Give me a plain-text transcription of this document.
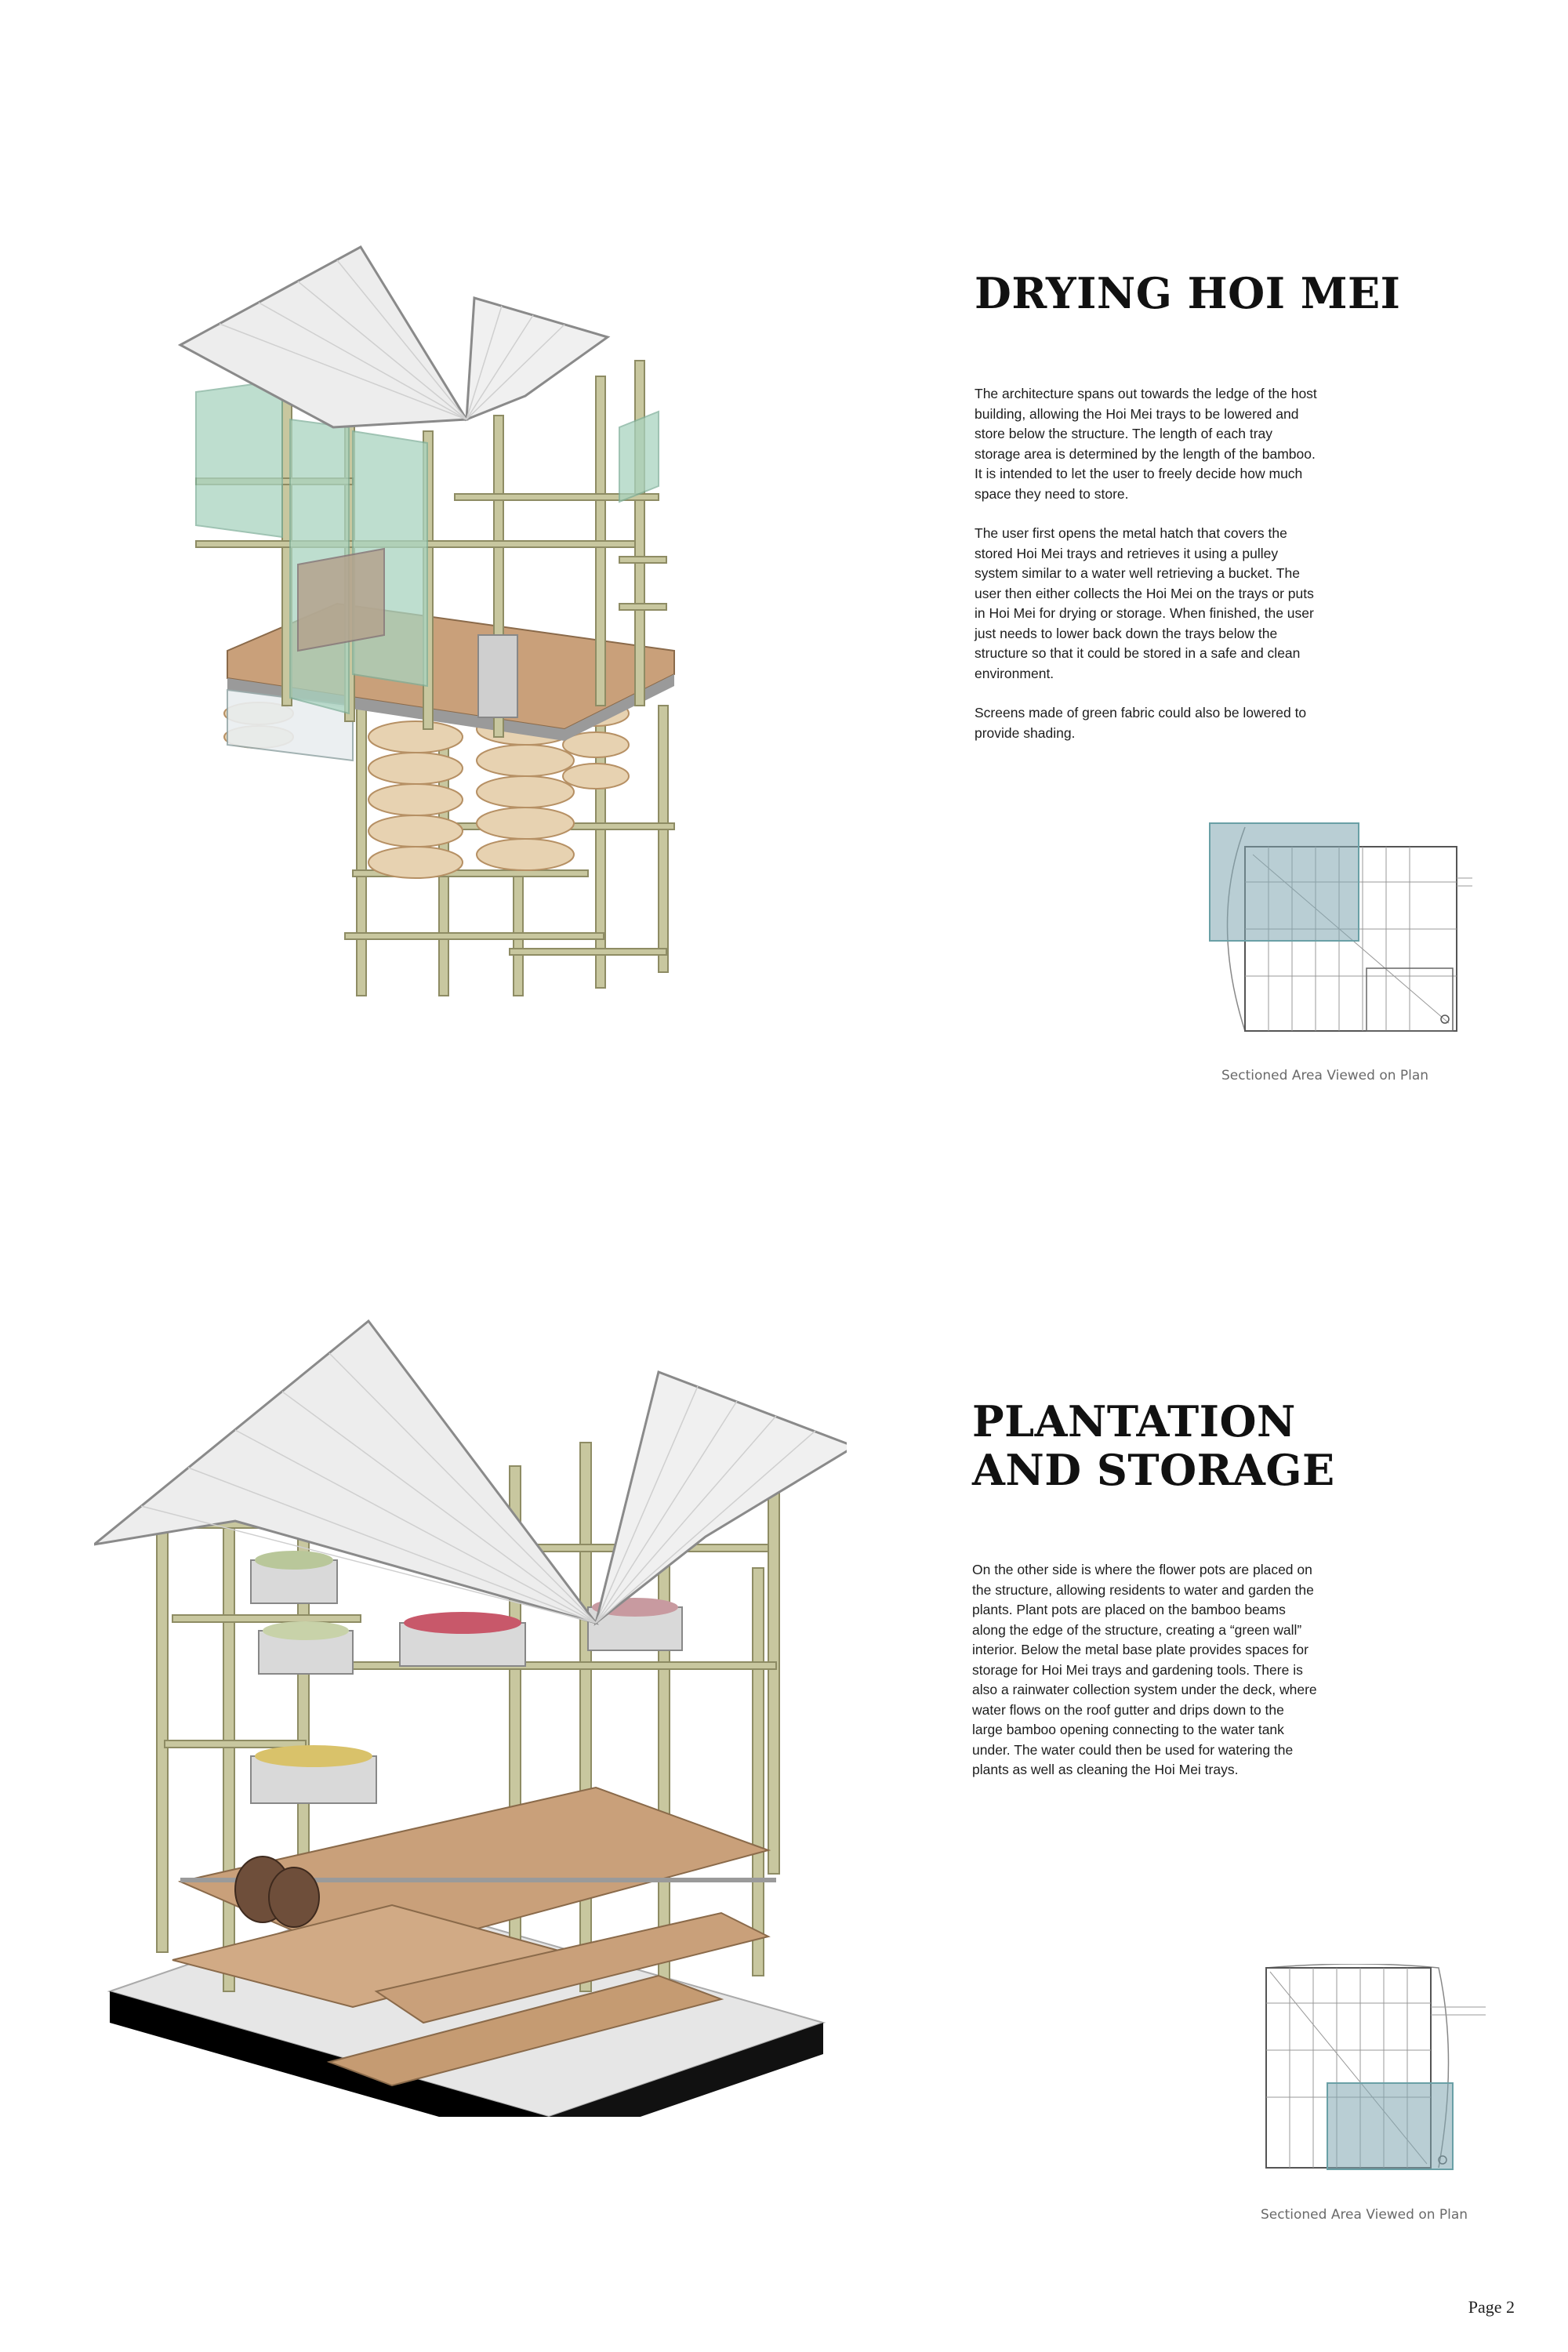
DRYING HOI MEI

The architecture spans out towards the ledge of the host building, allowing the Hoi Mei trays to be lowered and store below the structure. The length of each tray storage area is determined by the length of the bamboo. It is intended to let the user to freely decide how much space they need to store.

The user first opens the metal hatch that covers the stored Hoi Mei trays and retrieves it using a pulley system similar to a water well retrieving a bucket. The user then either collects the Hoi Mei on the trays or puts in Hoi Mei for drying or storage. When finished, the user just needs to lower back down the trays below the structure so that it could be stored in a safe and clean environment.

Screens made of green fabric could also be lowered to provide shading.

Sectioned Area Viewed on Plan
PLANTATION
AND STORAGE

On the other side is where the flower pots are placed on the structure, allowing residents to water and garden the plants. Plant pots are placed on the bamboo beams along the edge of the structure, creating a “green wall” interior. Below the metal base plate provides spaces for storage for Hoi Mei trays and gardening tools. There is also a rainwater collection system under the deck, where water flows on the roof gutter and drips down to the large bamboo opening connecting to the water tank under. The water could then be used for watering the plants as well as cleaning the Hoi Mei trays.

Sectioned Area Viewed on Plan
Page 2
